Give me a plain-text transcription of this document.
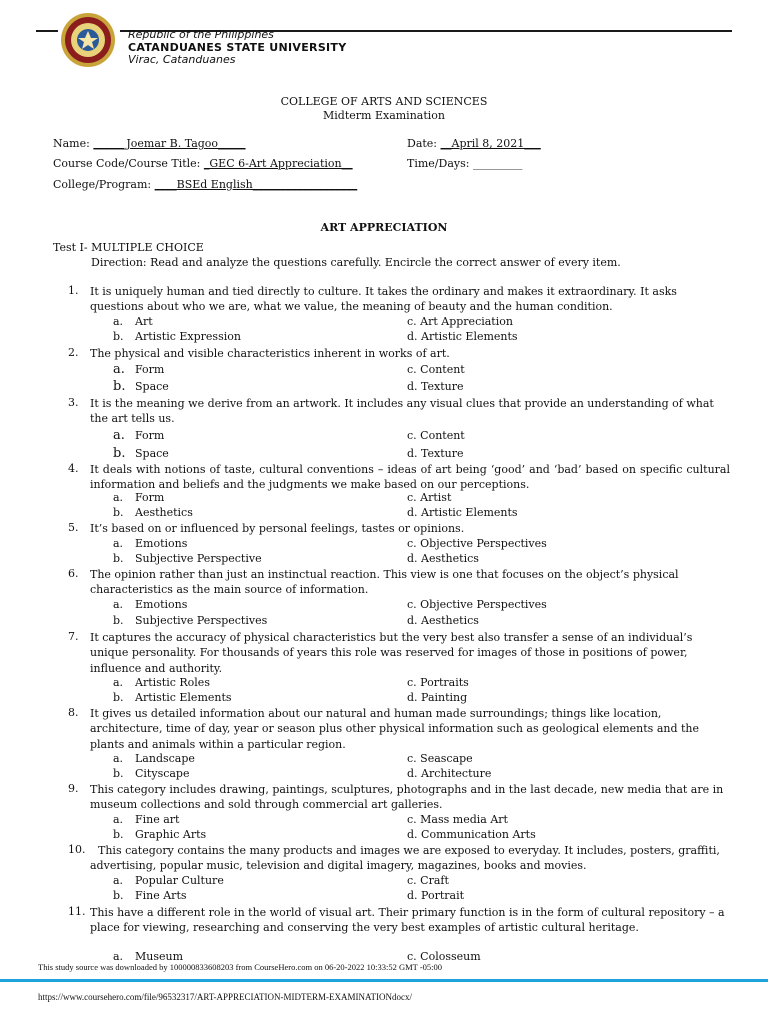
Republic of the Philippines
CATANDUANES STATE UNIVERSITY
Virac, Catanduanes
COLLEGE OF ARTS AND SCIENCES
Midterm Examination
Name: ______Joemar B. Tagoo_____	Date: __April 8, 2021___
Course Code/Course Title: _GEC 6-Art Appreciation__	Time/Days: _________
College/Program: ____BSEd English___________________
ART APPRECIATION
Test I- MULTIPLE CHOICE
Direction: Read and analyze the questions carefully. Encircle the correct answer of every item.
1. It is uniquely human and tied directly to culture. It takes the ordinary and makes it extraordinary. It asks questions about who we are, what we value, the meaning of beauty and the human condition.
a. Art	c. Art Appreciation
b. Artistic Expression	d. Artistic Elements
2. The physical and visible characteristics inherent in works of art.
a. Form	c. Content
b. Space	d. Texture
3. It is the meaning we derive from an artwork. It includes any visual clues that provide an understanding of what the art tells us.
a. Form	c. Content
b. Space	d. Texture
4. It deals with notions of taste, cultural conventions – ideas of art being ‘good’ and ‘bad’ based on specific cultural information and beliefs and the judgments we make based on our perceptions.
a. Form	c. Artist
b. Aesthetics	d. Artistic Elements
5. It’s based on or influenced by personal feelings, tastes or opinions.
a. Emotions	c. Objective Perspectives
b. Subjective Perspective	d. Aesthetics
6. The opinion rather than just an instinctual reaction. This view is one that focuses on the object’s physical characteristics as the main source of information.
a. Emotions	c. Objective Perspectives
b. Subjective Perspectives	d. Aesthetics
7. It captures the accuracy of physical characteristics but the very best also transfer a sense of an individual’s unique personality. For thousands of years this role was reserved for images of those in positions of power, influence and authority.
a. Artistic Roles	c. Portraits
b. Artistic Elements	d. Painting
8. It gives us detailed information about our natural and human made surroundings; things like location, architecture, time of day, year or season plus other physical information such as geological elements and the plants and animals within a particular region.
a. Landscape	c. Seascape
b. Cityscape	d. Architecture
9. This category includes drawing, paintings, sculptures, photographs and in the last decade, new media that are in museum collections and sold through commercial art galleries.
a. Fine art	c. Mass media Art
b. Graphic Arts	d. Communication Arts
10.	This category contains the many products and images we are exposed to everyday. It includes, posters, graffiti, advertising, popular music, television and digital imagery, magazines, books and movies.
a. Popular Culture	c. Craft
b. Fine Arts	d. Portrait
11. This have a different role in the world of visual art. Their primary function is in the form of cultural repository – a place for viewing, researching and conserving the very best examples of artistic cultural heritage.
a. Museum	c. Colosseum
This study source was downloaded by 100000833608203 from CourseHero.com on 06-20-2022 10:33:52 GMT -05:00
https://www.coursehero.com/file/96532317/ART-APPRECIATION-MIDTERM-EXAMINATIONdocx/
